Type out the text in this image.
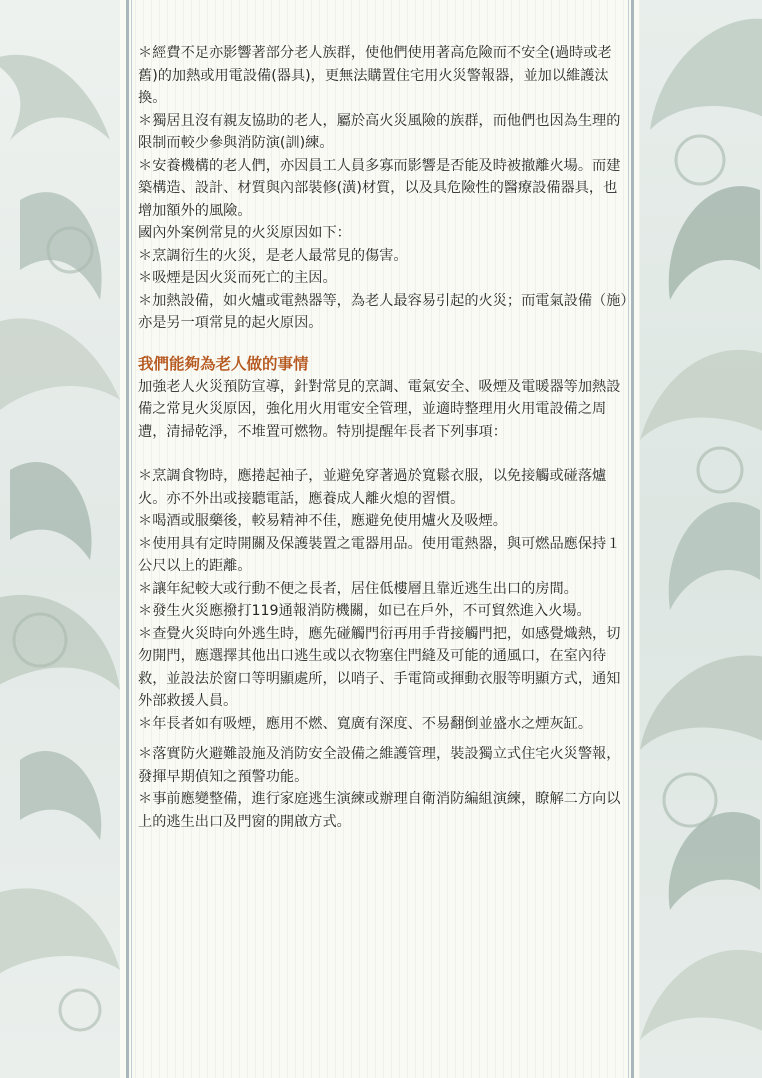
＊經費不足亦影響著部分老人族群，使他們使用著高危險而不安全(過時或老舊)的加熱或用電設備(器具)，更無法購置住宅用火災警報器，並加以維護汰換。

＊獨居且沒有親友協助的老人，屬於高火災風險的族群，而他們也因為生理的限制而較少參與消防演(訓)練。

＊安養機構的老人們，亦因員工人員多寡而影響是否能及時被撤離火場。而建築構造、設計、材質與內部裝修(潢)材質，以及具危險性的醫療設備器具，也增加額外的風險。

國內外案例常見的火災原因如下：

＊烹調衍生的火災，是老人最常見的傷害。

＊吸煙是因火災而死亡的主因。

＊加熱設備，如火爐或電熱器等，為老人最容易引起的火災；而電氣設備（施）亦是另一項常見的起火原因。

我們能夠為老人做的事情

加強老人火災預防宣導，針對常見的烹調、電氣安全、吸煙及電暖器等加熱設備之常見火災原因，強化用火用電安全管理，並適時整理用火用電設備之周遭，清掃乾淨，不堆置可燃物。特別提醒年長者下列事項：

＊烹調食物時，應捲起袖子，並避免穿著過於寬鬆衣服，以免接觸或碰落爐火。亦不外出或接聽電話，應養成人離火熄的習慣。

＊喝酒或服藥後，較易精神不佳，應避免使用爐火及吸煙。

＊使用具有定時開關及保護裝置之電器用品。使用電熱器，與可燃品應保持１公尺以上的距離。

＊讓年紀較大或行動不便之長者，居住低樓層且靠近逃生出口的房間。

＊發生火災應撥打119通報消防機關，如已在戶外，不可貿然進入火場。

＊查覺火災時向外逃生時，應先碰觸門衍再用手背接觸門把，如感覺熾熱，切勿開門，應選擇其他出口逃生或以衣物塞住門縫及可能的通風口，在室內待救，並設法於窗口等明顯處所，以哨子、手電筒或揮動衣服等明顯方式，通知外部救援人員。

＊年長者如有吸煙，應用不燃、寬廣有深度、不易翻倒並盛水之煙灰缸。

＊落實防火避難設施及消防安全設備之維護管理，裝設獨立式住宅火災警報，發揮早期偵知之預警功能。

＊事前應變整備，進行家庭逃生演練或辦理自衛消防編組演練，瞭解二方向以上的逃生出口及門窗的開啟方式。
